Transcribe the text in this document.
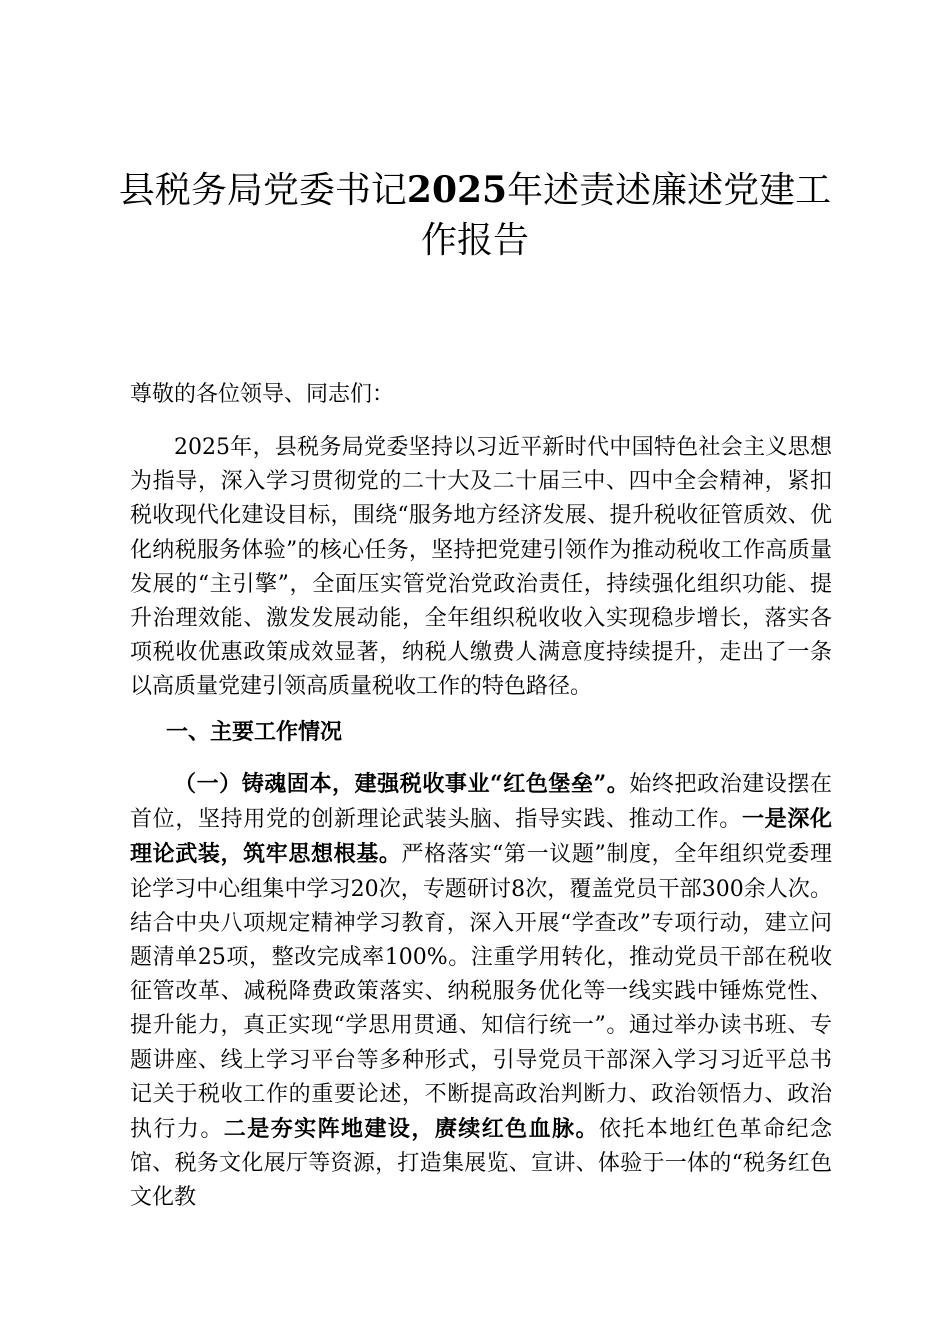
县税务局党委书记2025年述责述廉述党建工作报告

尊敬的各位领导、同志们：

2025年，县税务局党委坚持以习近平新时代中国特色社会主义思想为指导，深入学习贯彻党的二十大及二十届三中、四中全会精神，紧扣税收现代化建设目标，围绕“服务地方经济发展、提升税收征管质效、优化纳税服务体验”的核心任务，坚持把党建引领作为推动税收工作高质量发展的“主引擎”，全面压实管党治党政治责任，持续强化组织功能、提升治理效能、激发发展动能，全年组织税收收入实现稳步增长，落实各项税收优惠政策成效显著，纳税人缴费人满意度持续提升，走出了一条以高质量党建引领高质量税收工作的特色路径。

一、主要工作情况

（一）铸魂固本，建强税收事业“红色堡垒”。始终把政治建设摆在首位，坚持用党的创新理论武装头脑、指导实践、推动工作。一是深化理论武装，筑牢思想根基。严格落实“第一议题”制度，全年组织党委理论学习中心组集中学习20次，专题研讨8次，覆盖党员干部300余人次。结合中央八项规定精神学习教育，深入开展“学查改”专项行动，建立问题清单25项，整改完成率100%。注重学用转化，推动党员干部在税收征管改革、减税降费政策落实、纳税服务优化等一线实践中锤炼党性、提升能力，真正实现“学思用贯通、知信行统一”。通过举办读书班、专题讲座、线上学习平台等多种形式，引导党员干部深入学习习近平总书记关于税收工作的重要论述，不断提高政治判断力、政治领悟力、政治执行力。二是夯实阵地建设，赓续红色血脉。依托本地红色革命纪念馆、税务文化展厅等资源，打造集展览、宣讲、体验于一体的“税务红色文化教
